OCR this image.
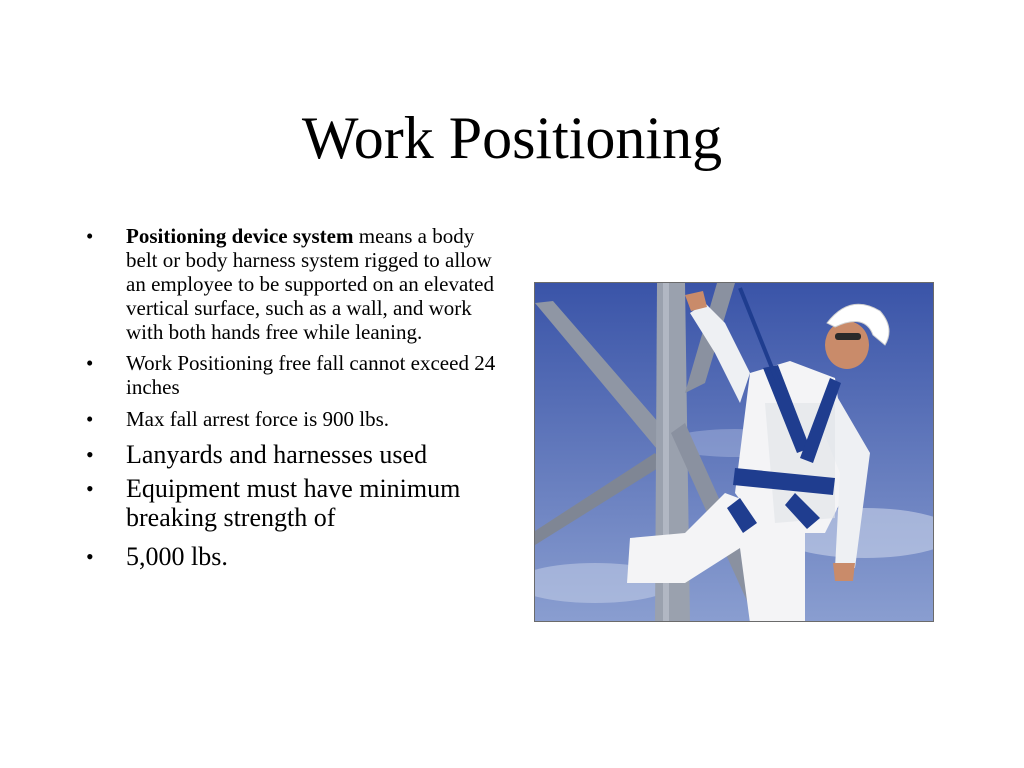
Work Positioning
• Positioning device system means a body belt or body harness system rigged to allow an employee to be supported on an elevated vertical surface, such as a wall, and work with both hands free while leaning.
• Work Positioning free fall cannot exceed 24 inches
• Max fall arrest force is 900 lbs.
• Lanyards and harnesses used
• Equipment must have minimum breaking strength of
• 5,000 lbs.
